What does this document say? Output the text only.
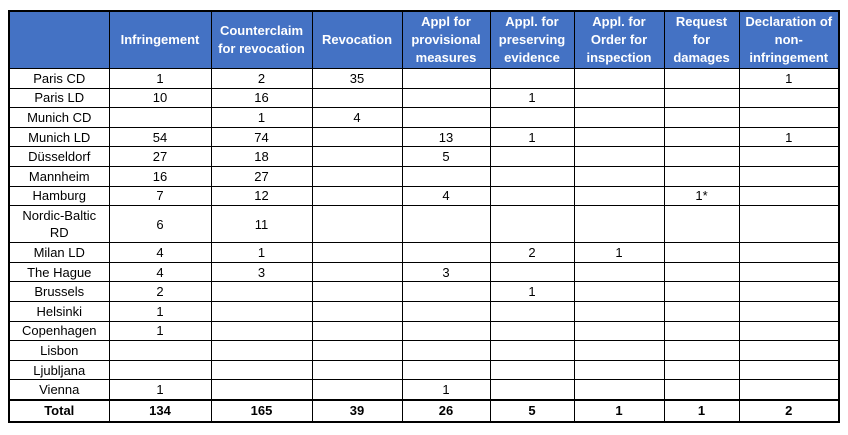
	Infringement	Counterclaim for revocation	Revocation	Appl for provisional measures	Appl. for preserving evidence	Appl. for Order for inspection	Request for damages	Declaration of non-infringement
Paris CD	1	2	35					1
Paris LD	10	16			1			
Munich CD		1	4					
Munich LD	54	74		13	1			1
Düsseldorf	27	18		5				
Mannheim	16	27						
Hamburg	7	12		4			1*	
Nordic-Baltic RD	6	11						
Milan LD	4	1			2	1		
The Hague	4	3		3				
Brussels	2				1			
Helsinki	1							
Copenhagen	1							
Lisbon								
Ljubljana								
Vienna	1			1				
Total	134	165	39	26	5	1	1	2
